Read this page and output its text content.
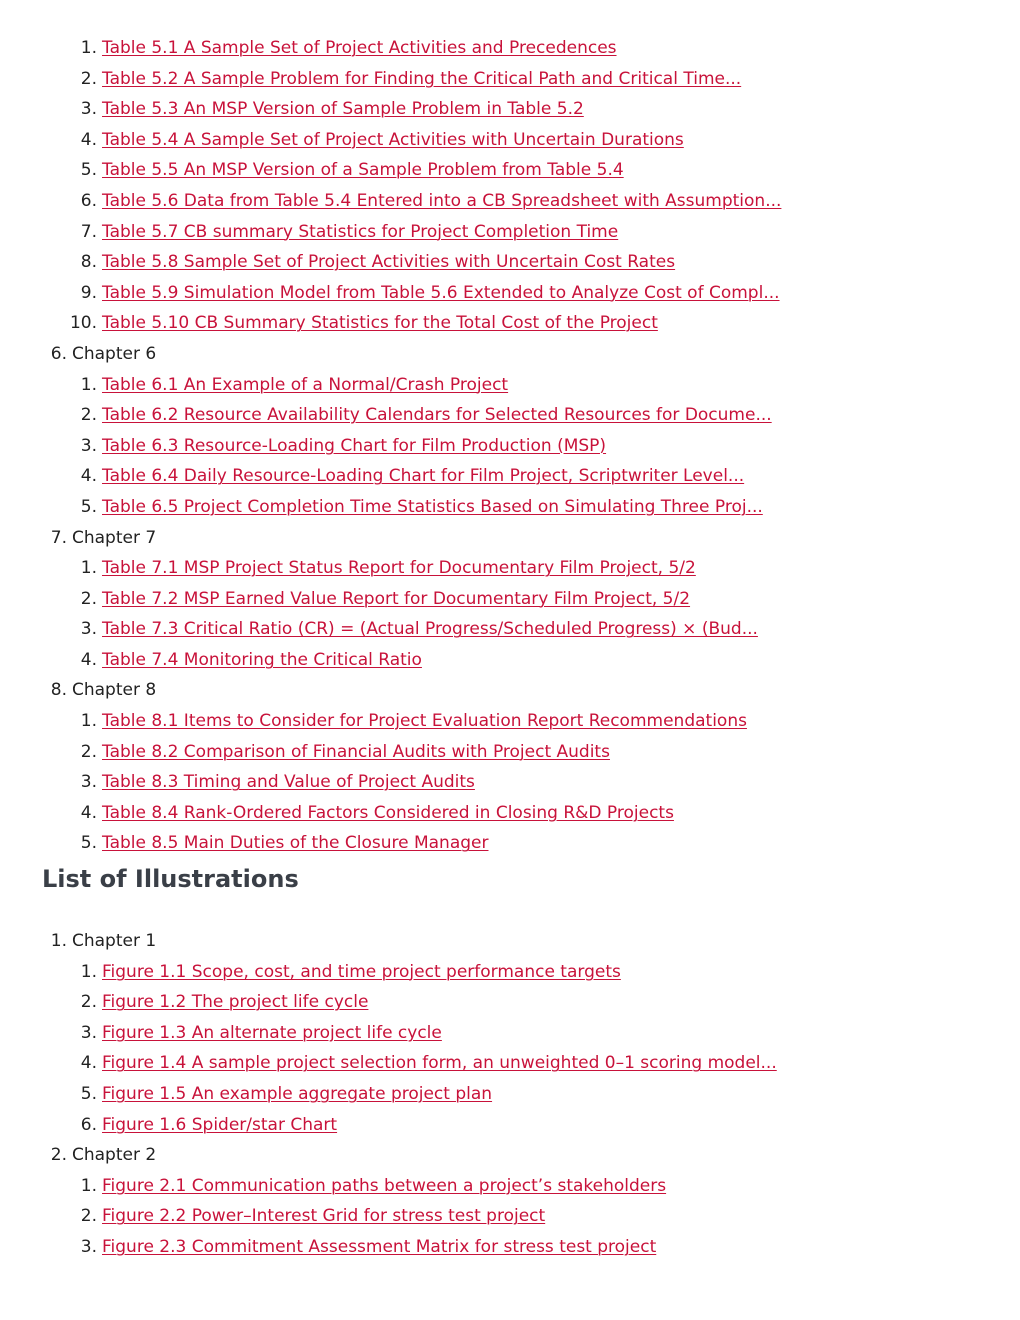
1. Table 5.1 A Sample Set of Project Activities and Precedences
2. Table 5.2 A Sample Problem for Finding the Critical Path and Critical Time...
3. Table 5.3 An MSP Version of Sample Problem in Table 5.2
4. Table 5.4 A Sample Set of Project Activities with Uncertain Durations
5. Table 5.5 An MSP Version of a Sample Problem from Table 5.4
6. Table 5.6 Data from Table 5.4 Entered into a CB Spreadsheet with Assumption...
7. Table 5.7 CB summary Statistics for Project Completion Time
8. Table 5.8 Sample Set of Project Activities with Uncertain Cost Rates
9. Table 5.9 Simulation Model from Table 5.6 Extended to Analyze Cost of Compl...
10. Table 5.10 CB Summary Statistics for the Total Cost of the Project
6. Chapter 6
1. Table 6.1 An Example of a Normal/Crash Project
2. Table 6.2 Resource Availability Calendars for Selected Resources for Docume...
3. Table 6.3 Resource-Loading Chart for Film Production (MSP)
4. Table 6.4 Daily Resource-Loading Chart for Film Project, Scriptwriter Level...
5. Table 6.5 Project Completion Time Statistics Based on Simulating Three Proj...
7. Chapter 7
1. Table 7.1 MSP Project Status Report for Documentary Film Project, 5/2
2. Table 7.2 MSP Earned Value Report for Documentary Film Project, 5/2
3. Table 7.3 Critical Ratio (CR) = (Actual Progress/Scheduled Progress) × (Bud...
4. Table 7.4 Monitoring the Critical Ratio
8. Chapter 8
1. Table 8.1 Items to Consider for Project Evaluation Report Recommendations
2. Table 8.2 Comparison of Financial Audits with Project Audits
3. Table 8.3 Timing and Value of Project Audits
4. Table 8.4 Rank-Ordered Factors Considered in Closing R&D Projects
5. Table 8.5 Main Duties of the Closure Manager
List of Illustrations
1. Chapter 1
1. Figure 1.1 Scope, cost, and time project performance targets
2. Figure 1.2 The project life cycle
3. Figure 1.3 An alternate project life cycle
4. Figure 1.4 A sample project selection form, an unweighted 0–1 scoring model...
5. Figure 1.5 An example aggregate project plan
6. Figure 1.6 Spider/star Chart
2. Chapter 2
1. Figure 2.1 Communication paths between a project’s stakeholders
2. Figure 2.2 Power–Interest Grid for stress test project
3. Figure 2.3 Commitment Assessment Matrix for stress test project
